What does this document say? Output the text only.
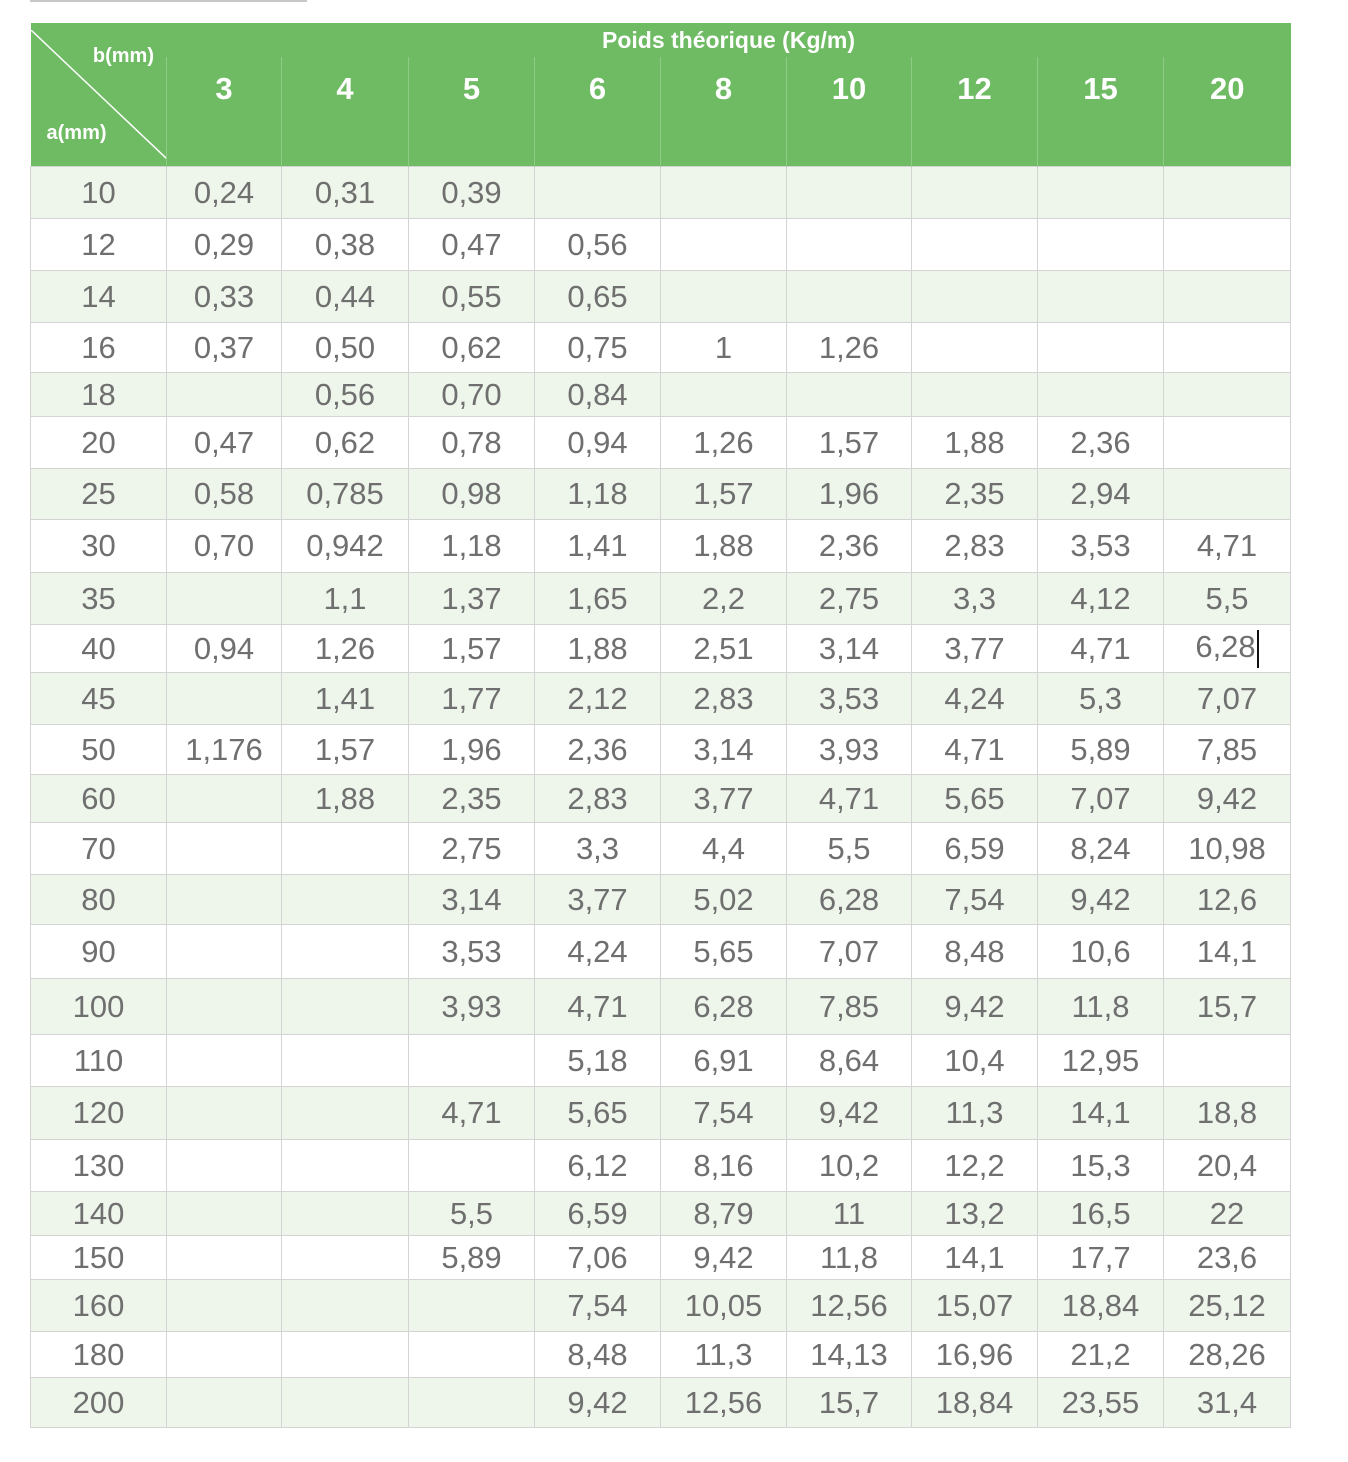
b(mm)
a(mm)	Poids théorique (Kg/m)								
	3	4	5	6	8	10	12	15	20
10	0,24	0,31	0,39						
12	0,29	0,38	0,47	0,56					
14	0,33	0,44	0,55	0,65					
16	0,37	0,50	0,62	0,75	1	1,26			
18		0,56	0,70	0,84					
20	0,47	0,62	0,78	0,94	1,26	1,57	1,88	2,36	
25	0,58	0,785	0,98	1,18	1,57	1,96	2,35	2,94	
30	0,70	0,942	1,18	1,41	1,88	2,36	2,83	3,53	4,71
35		1,1	1,37	1,65	2,2	2,75	3,3	4,12	5,5
40	0,94	1,26	1,57	1,88	2,51	3,14	3,77	4,71	6,28
45		1,41	1,77	2,12	2,83	3,53	4,24	5,3	7,07
50	1,176	1,57	1,96	2,36	3,14	3,93	4,71	5,89	7,85
60		1,88	2,35	2,83	3,77	4,71	5,65	7,07	9,42
70			2,75	3,3	4,4	5,5	6,59	8,24	10,98
80			3,14	3,77	5,02	6,28	7,54	9,42	12,6
90			3,53	4,24	5,65	7,07	8,48	10,6	14,1
100			3,93	4,71	6,28	7,85	9,42	11,8	15,7
110				5,18	6,91	8,64	10,4	12,95	
120			4,71	5,65	7,54	9,42	11,3	14,1	18,8
130				6,12	8,16	10,2	12,2	15,3	20,4
140			5,5	6,59	8,79	11	13,2	16,5	22
150			5,89	7,06	9,42	11,8	14,1	17,7	23,6
160				7,54	10,05	12,56	15,07	18,84	25,12
180				8,48	11,3	14,13	16,96	21,2	28,26
200				9,42	12,56	15,7	18,84	23,55	31,4
